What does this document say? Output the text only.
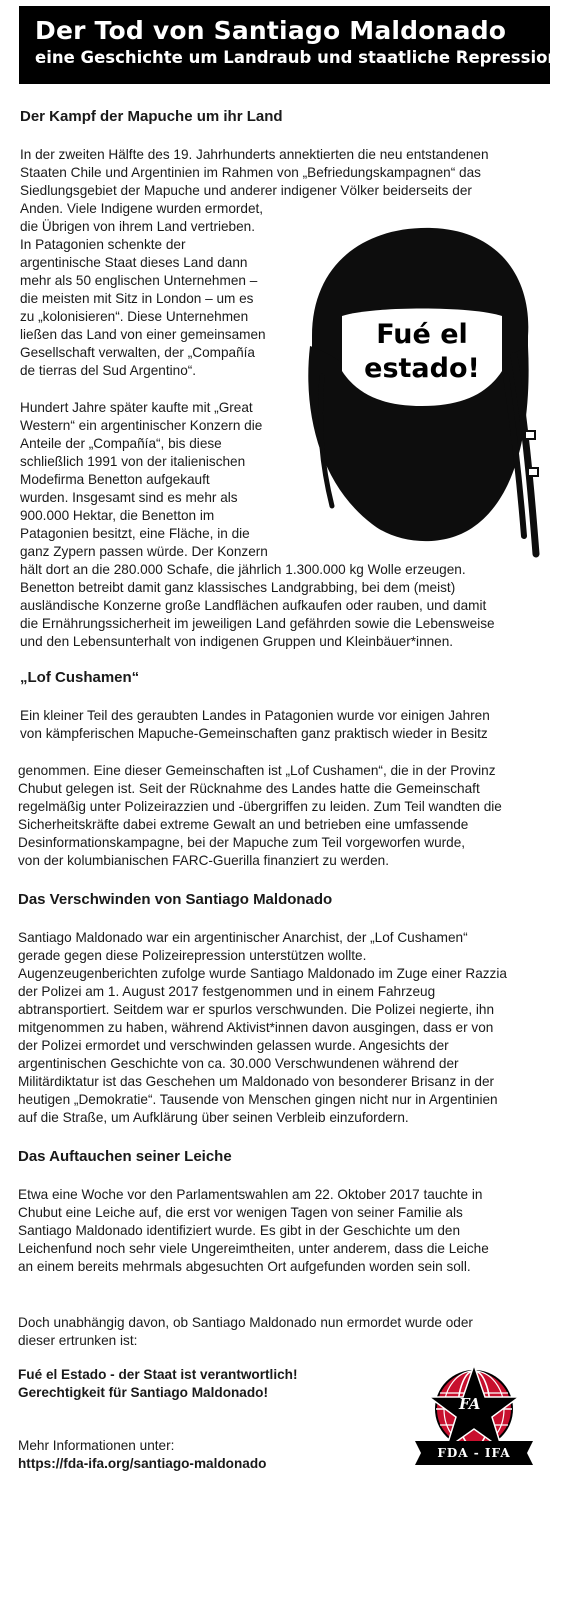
Der Tod von Santiago Maldonado
eine Geschichte um Landraub und staatliche Repression
Der Kampf der Mapuche um ihr Land
In der zweiten Hälfte des 19. Jahrhunderts annektierten die neu entstandenen
Staaten Chile und Argentinien im Rahmen von „Befriedungskampagnen“ das
Siedlungsgebiet der Mapuche und anderer indigener Völker beiderseits der
Anden. Viele Indigene wurden ermordet,
die Übrigen von ihrem Land vertrieben.
In Patagonien schenkte der
argentinische Staat dieses Land dann
mehr als 50 englischen Unternehmen –
die meisten mit Sitz in London – um es
zu „kolonisieren“. Diese Unternehmen
ließen das Land von einer gemeinsamen
Gesellschaft verwalten, der „Compañía
de tierras del Sud Argentino“.
Hundert Jahre später kaufte mit „Great
Western“ ein argentinischer Konzern die
Anteile der „Compañía“, bis diese
schließlich 1991 von der italienischen
Modefirma Benetton aufgekauft
wurden. Insgesamt sind es mehr als
900.000 Hektar, die Benetton im
Patagonien besitzt, eine Fläche, in die
ganz Zypern passen würde. Der Konzern
hält dort an die 280.000 Schafe, die jährlich 1.300.000 kg Wolle erzeugen.
Benetton betreibt damit ganz klassisches Landgrabbing, bei dem (meist)
ausländische Konzerne große Landflächen aufkaufen oder rauben, und damit
die Ernährungssicherheit im jeweiligen Land gefährden sowie die Lebensweise
und den Lebensunterhalt von indigenen Gruppen und Kleinbäuer*innen.
Fué el
estado!
„Lof Cushamen“
Ein kleiner Teil des geraubten Landes in Patagonien wurde vor einigen Jahren
von kämpferischen Mapuche-Gemeinschaften ganz praktisch wieder in Besitz
genommen. Eine dieser Gemeinschaften ist „Lof Cushamen“, die in der Provinz
Chubut gelegen ist. Seit der Rücknahme des Landes hatte die Gemeinschaft
regelmäßig unter Polizeirazzien und -übergriffen zu leiden. Zum Teil wandten die
Sicherheitskräfte dabei extreme Gewalt an und betrieben eine umfassende
Desinformationskampagne, bei der Mapuche zum Teil vorgeworfen wurde,
von der kolumbianischen FARC-Guerilla finanziert zu werden.
Das Verschwinden von Santiago Maldonado
Santiago Maldonado war ein argentinischer Anarchist, der „Lof Cushamen“
gerade gegen diese Polizeirepression unterstützen wollte.
Augenzeugenberichten zufolge wurde Santiago Maldonado im Zuge einer Razzia
der Polizei am 1. August 2017 festgenommen und in einem Fahrzeug
abtransportiert. Seitdem war er spurlos verschwunden. Die Polizei negierte, ihn
mitgenommen zu haben, während Aktivist*innen davon ausgingen, dass er von
der Polizei ermordet und verschwinden gelassen wurde. Angesichts der
argentinischen Geschichte von ca. 30.000 Verschwundenen während der
Militärdiktatur ist das Geschehen um Maldonado von besonderer Brisanz in der
heutigen „Demokratie“. Tausende von Menschen gingen nicht nur in Argentinien
auf die Straße, um Aufklärung über seinen Verbleib einzufordern.
Das Auftauchen seiner Leiche
Etwa eine Woche vor den Parlamentswahlen am 22. Oktober 2017 tauchte in
Chubut eine Leiche auf, die erst vor wenigen Tagen von seiner Familie als
Santiago Maldonado identifiziert wurde. Es gibt in der Geschichte um den
Leichenfund noch sehr viele Ungereimtheiten, unter anderem, dass die Leiche
an einem bereits mehrmals abgesuchten Ort aufgefunden worden sein soll.
Doch unabhängig davon, ob Santiago Maldonado nun ermordet wurde oder
dieser ertrunken ist:
Fué el Estado - der Staat ist verantwortlich!
Gerechtigkeit für Santiago Maldonado!
Mehr Informationen unter:
https://fda-ifa.org/santiago-maldonado
FA
FDA - IFA
